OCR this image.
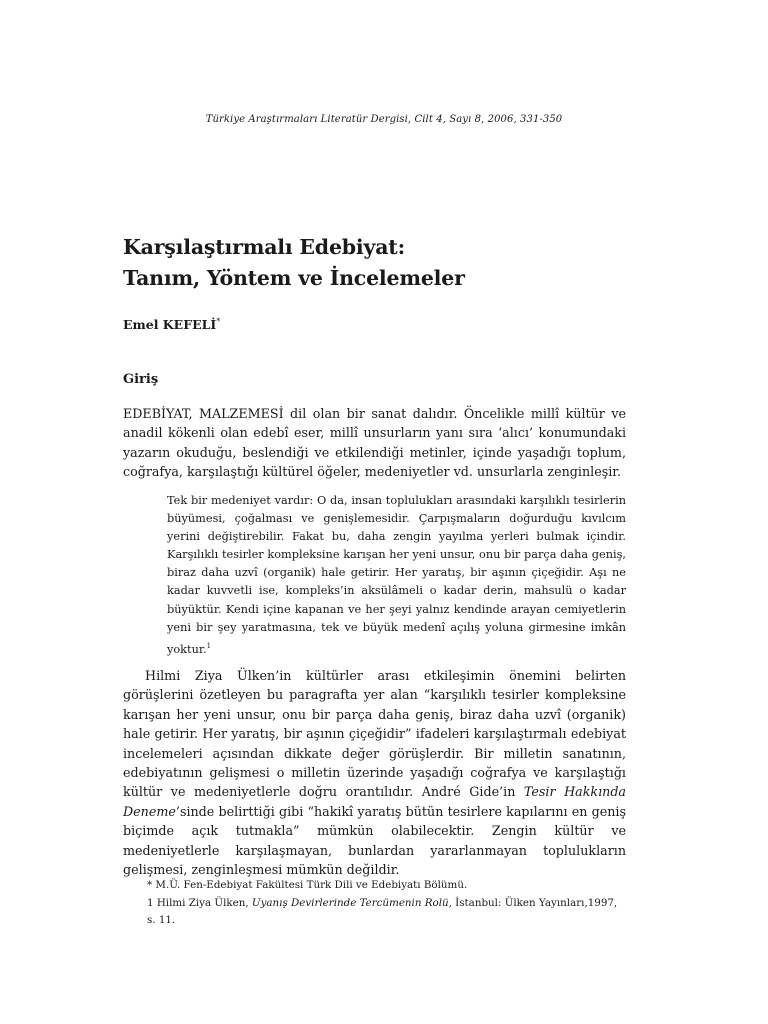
Türkiye Araştırmaları Literatür Dergisi, Cilt 4, Sayı 8, 2006, 331-350
Karşılaştırmalı Edebiyat:
Tanım, Yöntem ve İncelemeler
Emel KEFELİ*
Giriş

EDEBİYAT, MALZEMESİ dil olan bir sanat dalıdır. Öncelikle millî kültür ve anadil kökenli olan edebî eser, millî unsurların yanı sıra ‘alıcı’ konumundaki yazarın okuduğu, beslendiği ve etkilendiği metinler, içinde yaşadığı toplum, coğrafya, karşılaştığı kültürel öğeler, medeniyetler vd. unsurlarla zenginleşir.

Tek bir medeniyet vardır: O da, insan toplulukları arasındaki karşılıklı tesirlerin büyümesi, çoğalması ve genişlemesidir. Çarpışmaların doğurduğu kıvılcım yerini değiştirebilir. Fakat bu, daha zengin yayılma yerleri bulmak içindir. Karşılıklı tesirler kompleksine karışan her yeni unsur, onu bir parça daha geniş, biraz daha uzvî (organik) hale getirir. Her yaratış, bir aşının çiçeğidir. Aşı ne kadar kuvvetli ise, kompleks’in aksülâmeli o kadar derin, mahsulü o kadar büyüktür. Kendi içine kapanan ve her şeyi yalnız kendinde arayan cemiyetlerin yeni bir şey yaratmasına, tek ve büyük medenî açılış yoluna girmesine imkân yoktur.$^1$

Hilmi Ziya Ülken’in kültürler arası etkileşimin önemini belirten görüşlerini özetleyen bu paragrafta yer alan “karşılıklı tesirler kompleksine karışan her yeni unsur, onu bir parça daha geniş, biraz daha uzvî (organik) hale getirir. Her yaratış, bir aşının çiçeğidir” ifadeleri karşılaştırmalı edebiyat incelemeleri açısından dikkate değer görüşlerdir. Bir milletin sanatının, edebiyatının gelişmesi o milletin üzerinde yaşadığı coğrafya ve karşılaştığı kültür ve medeniyetlerle doğru orantılıdır. André Gide’in Tesir Hakkında Deneme’sinde belirttiği gibi “hakikî yaratış bütün tesirlere kapılarını en geniş biçimde açık tutmakla” mümkün olabilecektir. Zengin kültür ve medeniyetlerle karşılaşmayan, bunlardan yararlanmayan toplulukların gelişmesi, zenginleşmesi mümkün değildir.

* M.Ü. Fen-Edebiyat Fakültesi Türk Dili ve Edebiyatı Bölümü.

1 Hilmi Ziya Ülken, Uyanış Devirlerinde Tercümenin Rolü, İstanbul: Ülken Yayınları,1997,

s. 11.
